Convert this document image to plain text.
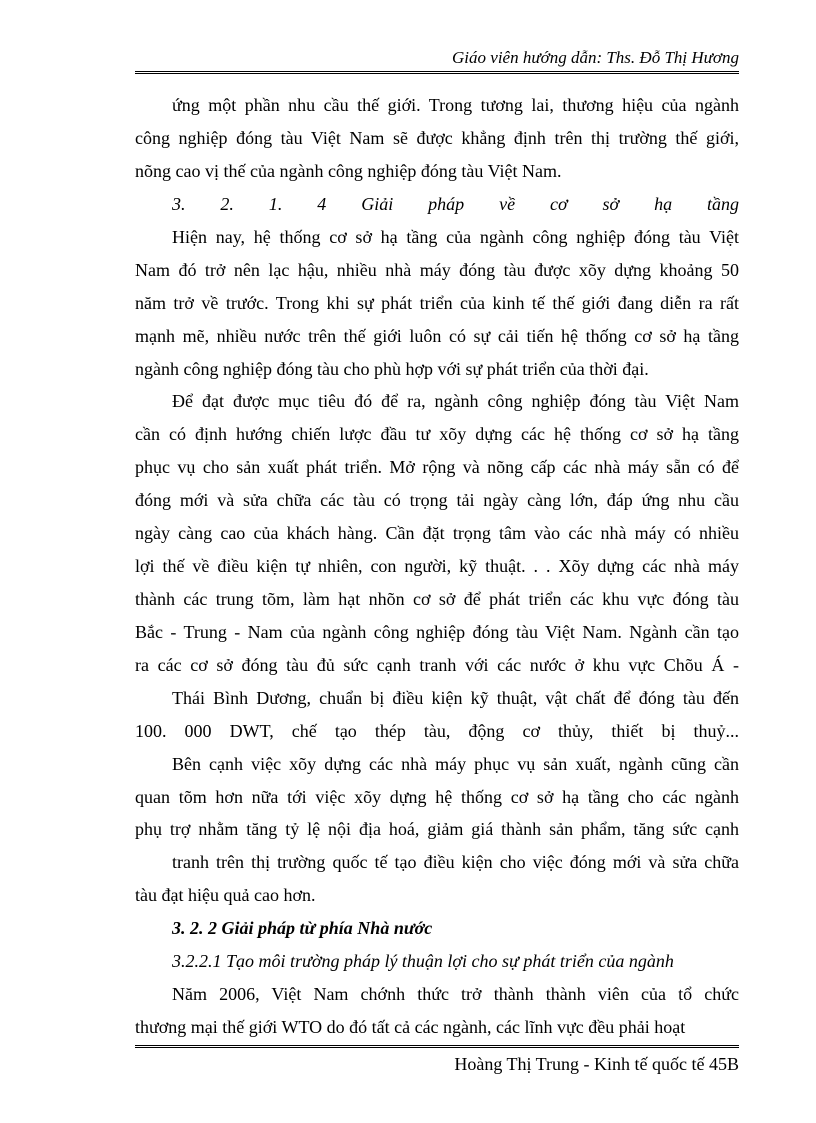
Giáo viên hướng dẫn: Ths. Đỗ Thị Hương
ứng một phần nhu cầu thế giới. Trong tương lai, thương hiệu của ngành
công nghiệp đóng tàu Việt Nam sẽ được khẳng định trên thị trường thế giới,
nõng cao vị thế của ngành công nghiệp đóng tàu Việt Nam.
3. 2. 1. 4 Giải pháp về cơ sở hạ tầng
Hiện nay, hệ thống cơ sở hạ tầng của ngành công nghiệp đóng tàu Việt
Nam đó trở nên lạc hậu, nhiều nhà máy đóng tàu được xõy dựng khoảng 50
năm trở về trước. Trong khi sự phát triển của kinh tế thế giới đang diễn ra rất
mạnh mẽ, nhiều nước trên thế giới luôn có sự cải tiến hệ thống cơ sở hạ tầng
ngành công nghiệp đóng tàu cho phù hợp với sự phát triển của thời đại.
Để đạt được mục tiêu đó để ra, ngành công nghiệp đóng tàu Việt Nam
cần có định hướng chiến lược đầu tư xõy dựng các hệ thống cơ sở hạ tầng
phục vụ cho sản xuất phát triển. Mở rộng và nõng cấp các nhà máy sẵn có để
đóng mới và sửa chữa các tàu có trọng tải ngày càng lớn, đáp ứng nhu cầu
ngày càng cao của khách hàng. Cần đặt trọng tâm vào các nhà máy có nhiều
lợi thế về điều kiện tự nhiên, con người, kỹ thuật. . . Xõy dựng các nhà máy
thành các trung tõm, làm hạt nhõn cơ sở để phát triển các khu vực đóng tàu
Bắc - Trung - Nam của ngành công nghiệp đóng tàu Việt Nam. Ngành cần tạo
ra các cơ sở đóng tàu đủ sức cạnh tranh với các nước ở khu vực Chõu Á -
Thái Bình Dương, chuẩn bị điều kiện kỹ thuật, vật chất để đóng tàu đến
100. 000 DWT, chế tạo thép tàu, động cơ thủy, thiết bị thuỷ...
Bên cạnh việc xõy dựng các nhà máy phục vụ sản xuất, ngành cũng cần
quan tõm hơn nữa tới việc xõy dựng hệ thống cơ sở hạ tầng cho các ngành
phụ trợ nhằm tăng tỷ lệ nội địa hoá, giảm giá thành sản phẩm, tăng sức cạnh
tranh trên thị trường quốc tế tạo điều kiện cho việc đóng mới và sửa chữa
tàu đạt hiệu quả cao hơn.
3. 2. 2 Giải pháp từ phía Nhà nước
3.2.2.1 Tạo môi trường pháp lý thuận lợi cho sự phát triển của ngành
Năm 2006, Việt Nam chớnh thức trở thành thành viên của tổ chức
thương mại thế giới WTO do đó tất cả các ngành, các lĩnh vực đều phải hoạt
Hoàng Thị Trung - Kinh tế quốc tế 45B
